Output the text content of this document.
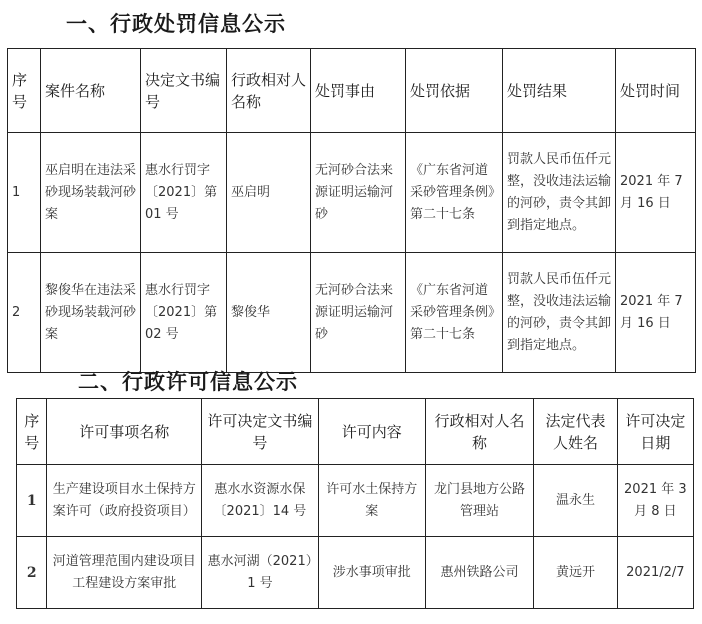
一、行政处罚信息公示
序号	案件名称	决定文书编号	行政相对人名称	处罚事由	处罚依据	处罚结果	处罚时间
1	巫启明在违法采砂现场装载河砂案	惠水行罚字〔2021〕第 01 号	巫启明	无河砂合法来源证明运输河砂	《广东省河道采砂管理条例》第二十七条	罚款人民币伍仟元整，没收违法运输的河砂，责令其卸到指定地点。	2021 年 7 月 16 日
2	黎俊华在违法采砂现场装载河砂案	惠水行罚字〔2021〕第 02 号	黎俊华	无河砂合法来源证明运输河砂	《广东省河道采砂管理条例》第二十七条	罚款人民币伍仟元整，没收违法运输的河砂，责令其卸到指定地点。	2021 年 7 月 16 日
二、行政许可信息公示
序号	许可事项名称	许可决定文书编号	许可内容	行政相对人名称	法定代表人姓名	许可决定日期
1	生产建设项目水土保持方案许可（政府投资项目）	惠水水资源水保〔2021〕14 号	许可水土保持方案	龙门县地方公路管理站	温永生	2021 年 3 月 8 日
2	河道管理范围内建设项目工程建设方案审批	惠水河湖（2021）1 号	涉水事项审批	惠州铁路公司	黄远开	2021/2/7
